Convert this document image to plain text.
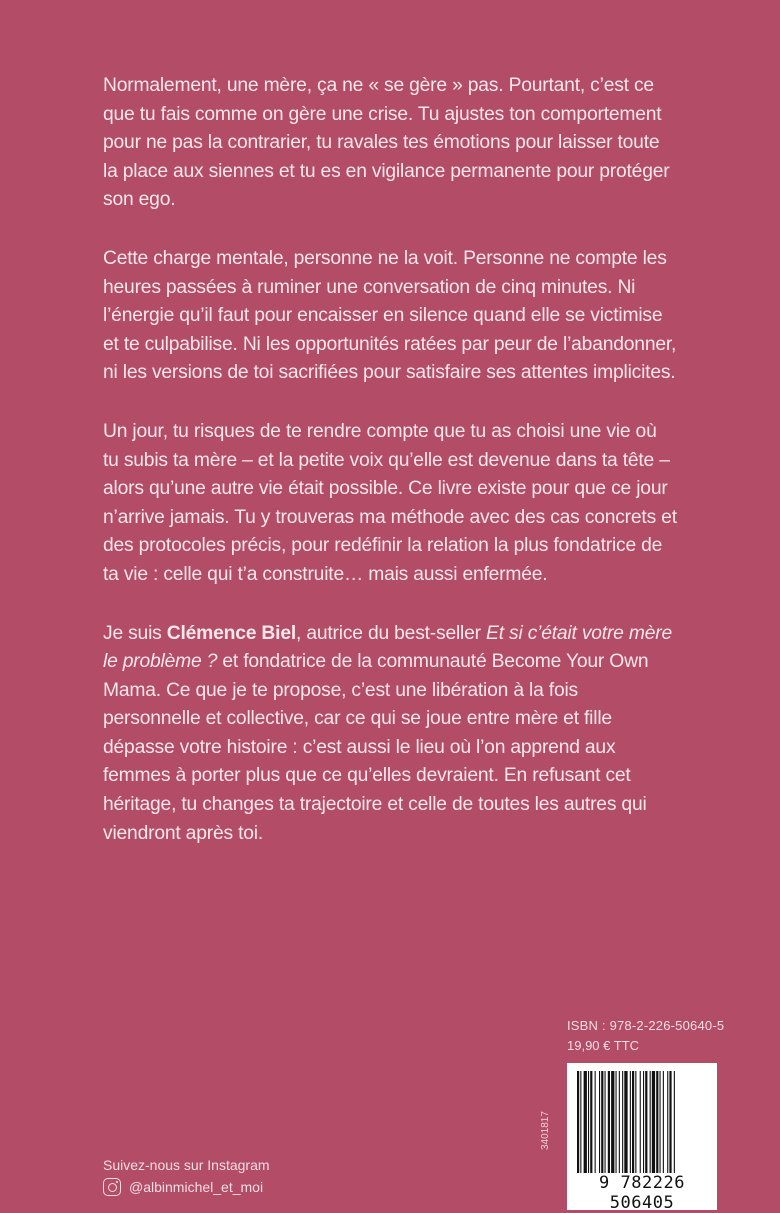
Normalement, une mère, ça ne « se gère » pas. Pourtant, c’est ce que tu fais comme on gère une crise. Tu ajustes ton comportement pour ne pas la contrarier, tu ravales tes émotions pour laisser toute la place aux siennes et tu es en vigilance permanente pour protéger son ego.

Cette charge mentale, personne ne la voit. Personne ne compte les heures passées à ruminer une conversation de cinq minutes. Ni l’énergie qu’il faut pour encaisser en silence quand elle se victimise et te culpabilise. Ni les opportunités ratées par peur de l’abandonner, ni les versions de toi sacrifiées pour satisfaire ses attentes implicites.

Un jour, tu risques de te rendre compte que tu as choisi une vie où tu subis ta mère – et la petite voix qu’elle est devenue dans ta tête – alors qu’une autre vie était possible. Ce livre existe pour que ce jour n’arrive jamais. Tu y trouveras ma méthode avec des cas concrets et des protocoles précis, pour redéfinir la relation la plus fondatrice de ta vie : celle qui t’a construite… mais aussi enfermée.

Je suis Clémence Biel, autrice du best-seller Et si c’était votre mère le problème ? et fondatrice de la communauté Become Your Own Mama. Ce que je te propose, c’est une libération à la fois personnelle et collective, car ce qui se joue entre mère et fille dépasse votre histoire : c’est aussi le lieu où l’on apprend aux femmes à porter plus que ce qu’elles devraient. En refusant cet héritage, tu changes ta trajectoire et celle de toutes les autres qui viendront après toi.

ISBN : 978-2-226-50640-5
19,90 € TTC
3401817
9 782226 506405
Suivez-nous sur Instagram
@albinmichel_et_moi
